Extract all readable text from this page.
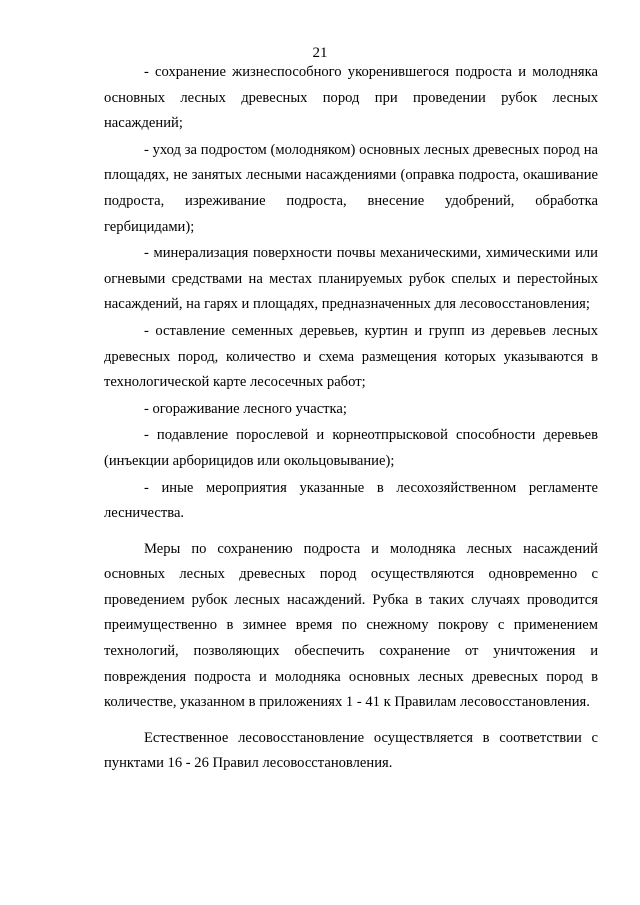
21

- сохранение жизнеспособного укоренившегося подроста и молодняка основных лесных древесных пород при проведении рубок лесных насаждений;

- уход за подростом (молодняком) основных лесных древесных пород на площадях, не занятых лесными насаждениями (оправка подроста, окашивание подроста, изреживание подроста, внесение удобрений, обработка гербицидами);

- минерализация поверхности почвы механическими, химическими или огневыми средствами на местах планируемых рубок спелых и перестойных насаждений, на гарях и площадях, предназначенных для лесовосстановления;

- оставление семенных деревьев, куртин и групп из деревьев лесных древесных пород, количество и схема размещения которых указываются в технологической карте лесосечных работ;

- огораживание лесного участка;

- подавление порослевой и корнеотпрысковой способности деревьев (инъекции арборицидов или окольцовывание);

- иные мероприятия указанные в лесохозяйственном регламенте лесничества.

Меры по сохранению подроста и молодняка лесных насаждений основных лесных древесных пород осуществляются одновременно с проведением рубок лесных насаждений. Рубка в таких случаях проводится преимущественно в зимнее время по снежному покрову с применением технологий, позволяющих обеспечить сохранение от уничтожения и повреждения подроста и молодняка основных лесных древесных пород в количестве, указанном в приложениях 1 - 41 к Правилам лесовосстановления.

Естественное лесовосстановление осуществляется в соответствии с пунктами 16 - 26 Правил лесовосстановления.
